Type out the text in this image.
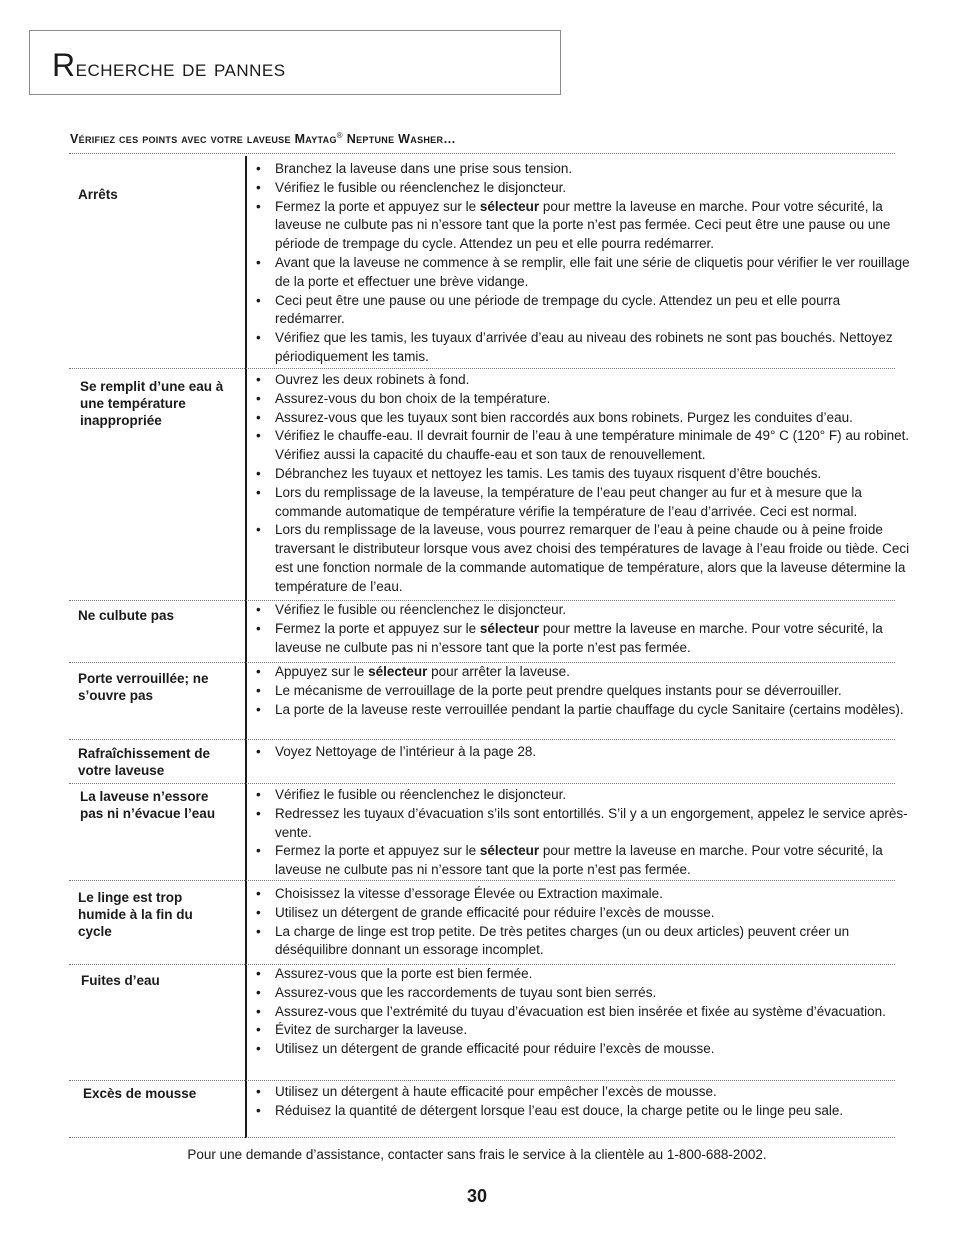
Recherche de pannes
Vérifiez ces points avec votre laveuse Maytag® Neptune Washer…
Arrêts
• Branchez la laveuse dans une prise sous tension.
• Vérifiez le fusible ou réenclenchez le disjoncteur.
• Fermez la porte et appuyez sur le sélecteur pour mettre la laveuse en marche. Pour votre sécurité, la laveuse ne culbute pas ni n’essore tant que la porte n’est pas fermée. Ceci peut être une pause ou une période de trempage du cycle. Attendez un peu et elle pourra redémarrer.
• Avant que la laveuse ne commence à se remplir, elle fait une série de cliquetis pour vérifier le ver rouillage de la porte et effectuer une brève vidange.
• Ceci peut être une pause ou une période de trempage du cycle. Attendez un peu et elle pourra redémarrer.
• Vérifiez que les tamis, les tuyaux d’arrivée d’eau au niveau des robinets ne sont pas bouchés. Nettoyez périodiquement les tamis.
Se remplit d’une eau à une température inappropriée
• Ouvrez les deux robinets à fond.
• Assurez-vous du bon choix de la température.
• Assurez-vous que les tuyaux sont bien raccordés aux bons robinets. Purgez les conduites d’eau.
• Vérifiez le chauffe-eau. Il devrait fournir de l’eau à une température minimale de 49° C (120° F) au robinet. Vérifiez aussi la capacité du chauffe-eau et son taux de renouvellement.
• Débranchez les tuyaux et nettoyez les tamis. Les tamis des tuyaux risquent d’être bouchés.
• Lors du remplissage de la laveuse, la température de l’eau peut changer au fur et à mesure que la commande automatique de température vérifie la température de l’eau d’arrivée. Ceci est normal.
• Lors du remplissage de la laveuse, vous pourrez remarquer de l’eau à peine chaude ou à peine froide traversant le distributeur lorsque vous avez choisi des températures de lavage à l’eau froide ou tiède. Ceci est une fonction normale de la commande automatique de température, alors que la laveuse détermine la température de l’eau.
Ne culbute pas	• Vérifiez le fusible ou réenclenchez le disjoncteur.
• Fermez la porte et appuyez sur le sélecteur pour mettre la laveuse en marche. Pour votre sécurité, la laveuse ne culbute pas ni n’essore tant que la porte n’est pas fermée.
Porte verrouillée; ne s’ouvre pas
• Appuyez sur le sélecteur pour arrêter la laveuse.
• Le mécanisme de verrouillage de la porte peut prendre quelques instants pour se déverrouiller.
• La porte de la laveuse reste verrouillée pendant la partie chauffage du cycle Sanitaire (certains modèles).
Rafraîchissement de votre laveuse
• Voyez Nettoyage de l’intérieur à la page 28.
La laveuse n’essore pas ni n’évacue l’eau
• Vérifiez le fusible ou réenclenchez le disjoncteur.
• Redressez les tuyaux d’évacuation s’ils sont entortillés. S’il y a un engorgement, appelez le service après-vente.
• Fermez la porte et appuyez sur le sélecteur pour mettre la laveuse en marche. Pour votre sécurité, la laveuse ne culbute pas ni n’essore tant que la porte n’est pas fermée.
Le linge est trop humide à la fin du cycle
• Choisissez la vitesse d’essorage Élevée ou Extraction maximale.
• Utilisez un détergent de grande efficacité pour réduire l’excès de mousse.
• La charge de linge est trop petite. De très petites charges (un ou deux articles) peuvent créer un déséquilibre donnant un essorage incomplet.
Fuites d’eau	• Assurez-vous que la porte est bien fermée.
• Assurez-vous que les raccordements de tuyau sont bien serrés.
• Assurez-vous que l’extrémité du tuyau d’évacuation est bien insérée et fixée au système d’évacuation.
• Évitez de surcharger la laveuse.
• Utilisez un détergent de grande efficacité pour réduire l’excès de mousse.
Excès de mousse	• Utilisez un détergent à haute efficacité pour empêcher l’excès de mousse.
• Réduisez la quantité de détergent lorsque l’eau est douce, la charge petite ou le linge peu sale.
Pour une demande d’assistance, contacter sans frais le service à la clientèle au 1-800-688-2002.
30
